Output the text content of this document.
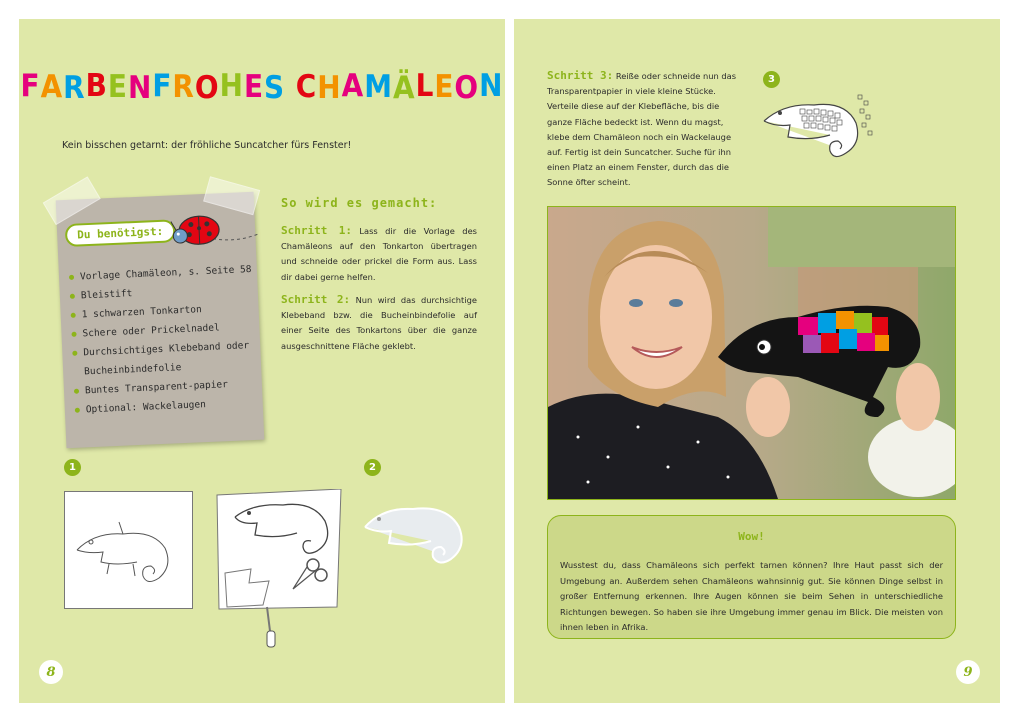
FARBENFROHES CHAMÄLEON

Kein bisschen getarnt: der fröhliche Suncatcher fürs Fenster!

Du benötigst:
Vorlage Chamäleon, s. Seite 58
Bleistift
1 schwarzen Tonkarton
Schere oder Prickelnadel
Durchsichtiges Klebeband oder Bucheinbindefolie
Buntes Transparent-papier
Optional: Wackelaugen
So wird es gemacht:

Schritt 1: Lass dir die Vorlage des Chamäleons auf den Tonkarton übertragen und schneide oder prickel die Form aus. Lass dir dabei gerne helfen.

Schritt 2: Nun wird das durchsichtige Klebeband bzw. die Bucheinbindefolie auf einer Seite des Tonkartons über die ganze ausgeschnittene Fläche geklebt.

1	2
8

Schritt 3: Reiße oder schneide nun das Transparentpapier in viele kleine Stücke. Verteile diese auf der Klebefläche, bis die ganze Fläche bedeckt ist. Wenn du magst, klebe dem Chamäleon noch ein Wackelauge auf. Fertig ist dein Suncatcher. Suche für ihn einen Platz an einem Fenster, durch das die Sonne öfter scheint.

3

Wow!

Wusstest du, dass Chamäleons sich perfekt tarnen können? Ihre Haut passt sich der Umgebung an. Außerdem sehen Chamäleons wahnsinnig gut. Sie können Dinge selbst in großer Entfernung erkennen. Ihre Augen können sie beim Sehen in unterschiedliche Richtungen bewegen. So haben sie ihre Umgebung immer genau im Blick. Die meisten von ihnen leben in Afrika.

9
